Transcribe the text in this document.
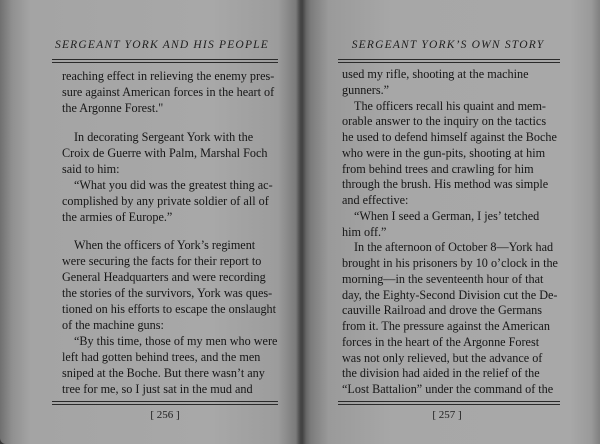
SERGEANT YORK AND HIS PEOPLE
reaching effect in relieving the enemy pres-
sure against American forces in the heart of
the Argonne Forest."
In decorating Sergeant York with the
Croix de Guerre with Palm, Marshal Foch
said to him:
“What you did was the greatest thing ac-
complished by any private soldier of all of
the armies of Europe.”
When the officers of York’s regiment
were securing the facts for their report to
General Headquarters and were recording
the stories of the survivors, York was ques-
tioned on his efforts to escape the onslaught
of the machine guns:
“By this time, those of my men who were
left had gotten behind trees, and the men
sniped at the Boche. But there wasn’t any
tree for me, so I just sat in the mud and
SERGEANT YORK’S OWN STORY
used my rifle, shooting at the machine
gunners.”
The officers recall his quaint and mem-
orable answer to the inquiry on the tactics
he used to defend himself against the Boche
who were in the gun-pits, shooting at him
from behind trees and crawling for him
through the brush. His method was simple
and effective:
“When I seed a German, I jes’ tetched
him off.”
In the afternoon of October 8—York had
brought in his prisoners by 10 o’clock in the
morning—in the seventeenth hour of that
day, the Eighty-Second Division cut the De-
cauville Railroad and drove the Germans
from it. The pressure against the American
forces in the heart of the Argonne Forest
was not only relieved, but the advance of
the division had aided in the relief of the
“Lost Battalion” under the command of the
[ 256 ]	[ 257 ]
